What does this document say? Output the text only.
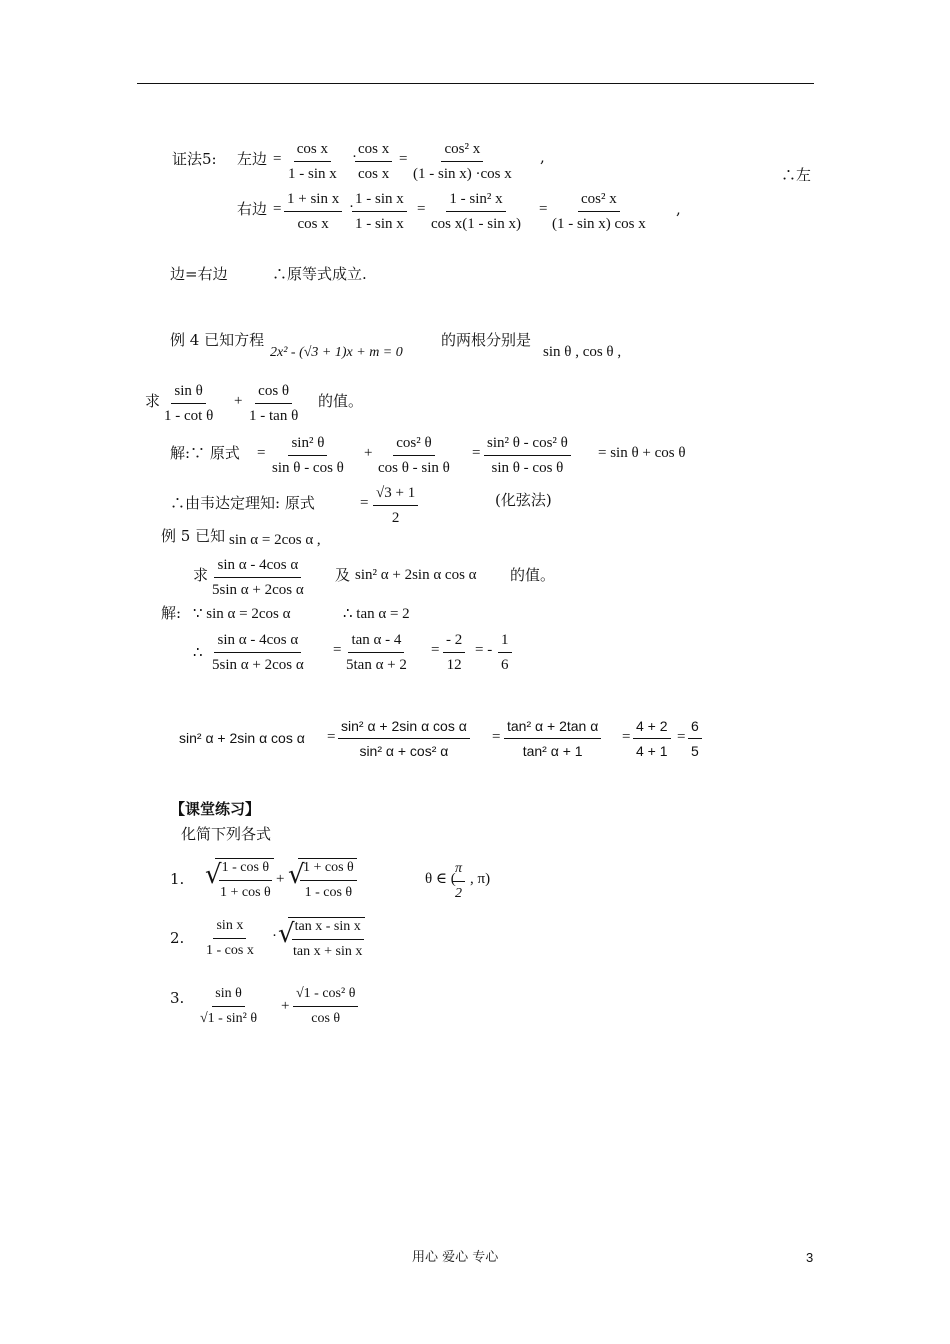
证法5: 左边 = $\frac{\text{cos x}}{\text{1 - sin x}}$ ·
$\frac{\text{cos x}}{\text{cos x}} = \frac{\text{cos² x}}{\text{(1 - sin x) ·cos x}}$ ,
∴左
右边 = $\frac{\text{1 + sin x}}{\text{cos x}}$ ·
$\frac{\text{1 - sin x}}{\text{1 - sin x}} = \frac{\text{1 - sin² x}}{\text{cos x(1 - sin x)}} = \frac{\text{cos² x}}{\text{(1 - sin x) cos x}}$ ,
边=右边	∴原等式成立.
例 4 已知方程
2x² - (√3 + 1)x + m = 0
的两根分别是
sin θ , cos θ ,
求 $\frac{\text{sin θ}}{\text{1 - cot θ}} + \frac{\text{cos θ}}{\text{1 - tan θ}}$ 的值。
解:∵ 原式 = $\frac{\text{sin² θ}}{\text{sin θ - cos θ}} + \frac{\text{cos² θ}}{\text{cos θ - sin θ}} = \frac{\text{sin² θ - cos² θ}}{\text{sin θ - cos θ}} = \sin \theta + \cos \theta$
∴由韦达定理知: 原式	= $\frac{√3 + 1}{2}$	(化弦法)
例 5 已知 sin α = 2cos α ,
求 $\frac{\text{sin α - 4cos α}}{\text{5sin α + 2cos α}}$ 及 sin² α + 2sin α cos α 的值。
解: ∵ sin α = 2cos α	∴ tan α = 2
∴ $\frac{\text{sin α - 4cos α}}{\text{5sin α + 2cos α}} = \frac{\text{tan α - 4}}{\text{5tan α + 2}} = \frac{- 2}{12}$ = - $\frac{1}{6}$
sin² α + 2sin α $\cos \alpha = \frac{\text{sin² α + 2sin α cos α}}{\text{sin² α + cos² α}} = \frac{\text{tan² α + 2tan α}}{\text{tan² α + 1}} = \frac{4 + 2}{4 + 1} = \frac{6}{5}$
【课堂练习】
化简下列各式
1. √
$\frac{\text{1 - cos θ}}{\text{1 + cos θ}}$ + √
$\frac{\text{1 + cos θ}}{\text{1 - cos θ}}$	θ ∈ (
$\frac{\pi}{2}$ , π)
2. $\frac{\text{sin x}}{\text{1 - cos x}}$ · √
$\frac{\text{tan x - sin x}}{\text{tan x + sin x}}$
3. $\frac{\text{sin θ}}{\text{√1 - sin² θ}} + \frac{\text{√1 - cos² θ}}{\text{cos θ}}$
用心 爱心 专心	3
